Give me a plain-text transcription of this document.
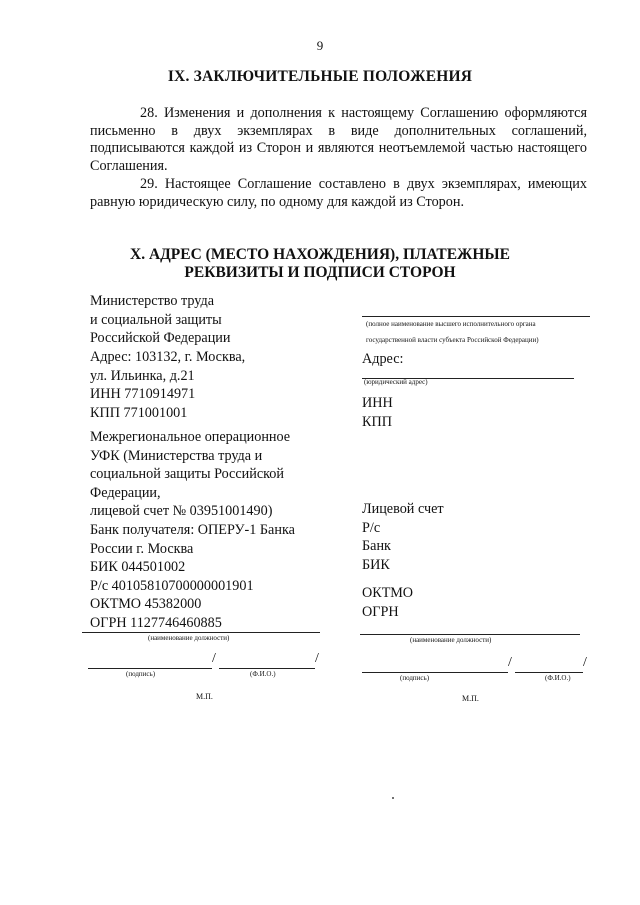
9
IX. ЗАКЛЮЧИТЕЛЬНЫЕ ПОЛОЖЕНИЯ
28. Изменения и дополнения к настоящему Соглашению оформляются письменно в двух экземплярах в виде дополнительных соглашений, подписываются каждой из Сторон и являются неотъемлемой частью настоящего Соглашения.
29. Настоящее Соглашение составлено в двух экземплярах, имеющих равную юридическую силу, по одному для каждой из Сторон.
X. АДРЕС (МЕСТО НАХОЖДЕНИЯ), ПЛАТЕЖНЫЕ
РЕКВИЗИТЫ И ПОДПИСИ СТОРОН
Министерство труда
и социальной защиты
Российской Федерации
Адрес: 103132, г. Москва,
ул. Ильинка, д.21
ИНН 7710914971
КПП 771001001
Межрегиональное операционное
УФК (Министерства труда и
социальной защиты Российской
Федерации,
лицевой счет № 03951001490)
Банк получателя: ОПЕРУ-1 Банка
России г. Москва
БИК 044501002
Р/с 40105810700000001901
ОКТМО 45382000
ОГРН 1127746460885
(наименование должности)
/	/
(подпись)	(Ф.И.О.)
М.П.
(полное наименование высшего исполнительного органа
государственной власти субъекта Российской Федерации)
Адрес:
(юридический адрес)
ИНН
КПП
Лицевой счет
Р/с
Банк
БИК
ОКТМО
ОГРН
(наименование должности)
/	/
(подпись)	(Ф.И.О.)
М.П.
